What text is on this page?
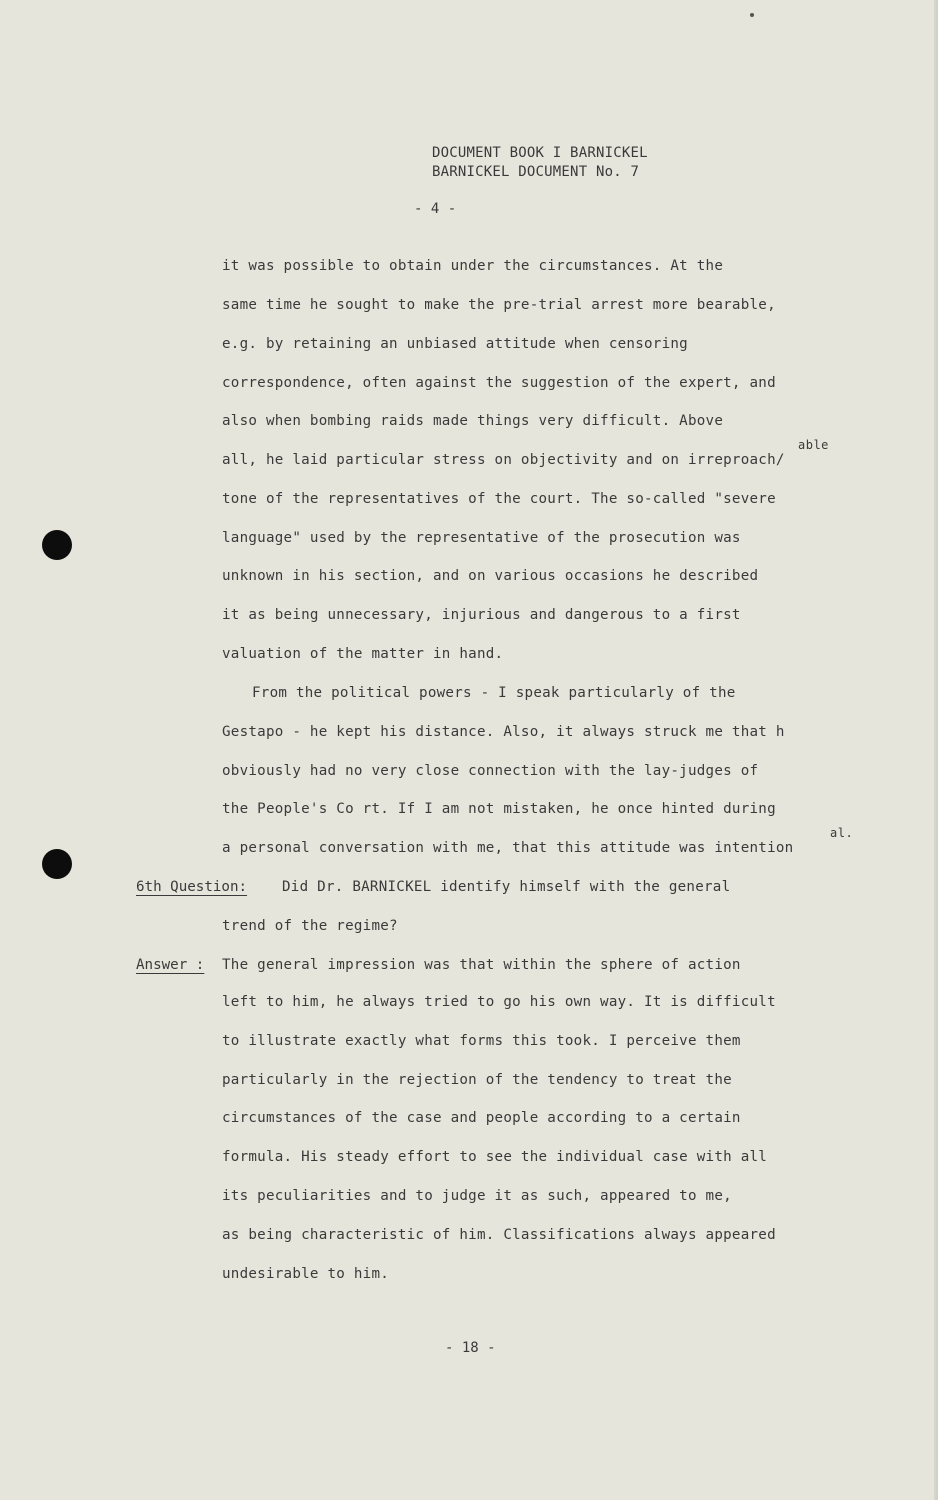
DOCUMENT BOOK I BARNICKEL
BARNICKEL DOCUMENT No. 7
- 4 -
it was possible to obtain under the circumstances. At the
same time he sought to make the pre-trial arrest more bearable,
e.g. by retaining an unbiased attitude when censoring
correspondence, often against the suggestion of the expert, and
also when bombing raids made things very difficult. Above
able
all, he laid particular stress on objectivity and on irreproach/
tone of the representatives of the court. The so-called "severe
language" used by the representative of the prosecution was
unknown in his section, and on various occasions he described
it as being unnecessary, injurious and dangerous to a first
valuation of the matter in hand.
From the political powers - I speak particularly of the
Gestapo - he kept his distance. Also, it always struck me that h
obviously had no very close connection with the lay-judges of
the People's Co rt. If I am not mistaken, he once hinted during
al.
a personal conversation with me, that this attitude was intention
6th Question: Did Dr. BARNICKEL identify himself with the general
trend of the regime?
Answer : The general impression was that within the sphere of action
left to him, he always tried to go his own way. It is difficult
to illustrate exactly what forms this took. I perceive them
particularly in the rejection of the tendency to treat the
circumstances of the case and people according to a certain
formula. His steady effort to see the individual case with all
its peculiarities and to judge it as such, appeared to me,
as being characteristic of him. Classifications always appeared
undesirable to him.
- 18 -
